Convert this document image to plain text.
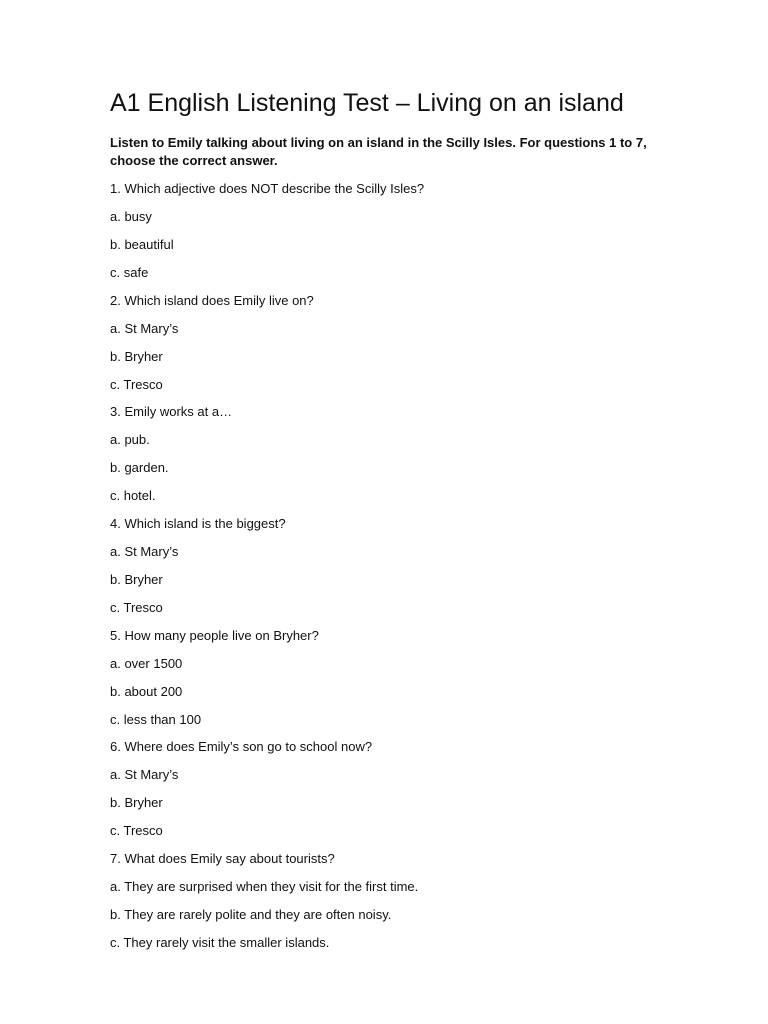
A1 English Listening Test – Living on an island

Listen to Emily talking about living on an island in the Scilly Isles. For questions 1 to 7, choose the correct answer.

1. Which adjective does NOT describe the Scilly Isles?

a. busy

b. beautiful

c. safe

2. Which island does Emily live on?

a. St Mary’s

b. Bryher

c. Tresco

3. Emily works at a…

a. pub.

b. garden.

c. hotel.

4. Which island is the biggest?

a. St Mary’s

b. Bryher

c. Tresco

5. How many people live on Bryher?

a. over 1500

b. about 200

c. less than 100

6. Where does Emily’s son go to school now?

a. St Mary’s

b. Bryher

c. Tresco

7. What does Emily say about tourists?

a. They are surprised when they visit for the first time.

b. They are rarely polite and they are often noisy.

c. They rarely visit the smaller islands.
